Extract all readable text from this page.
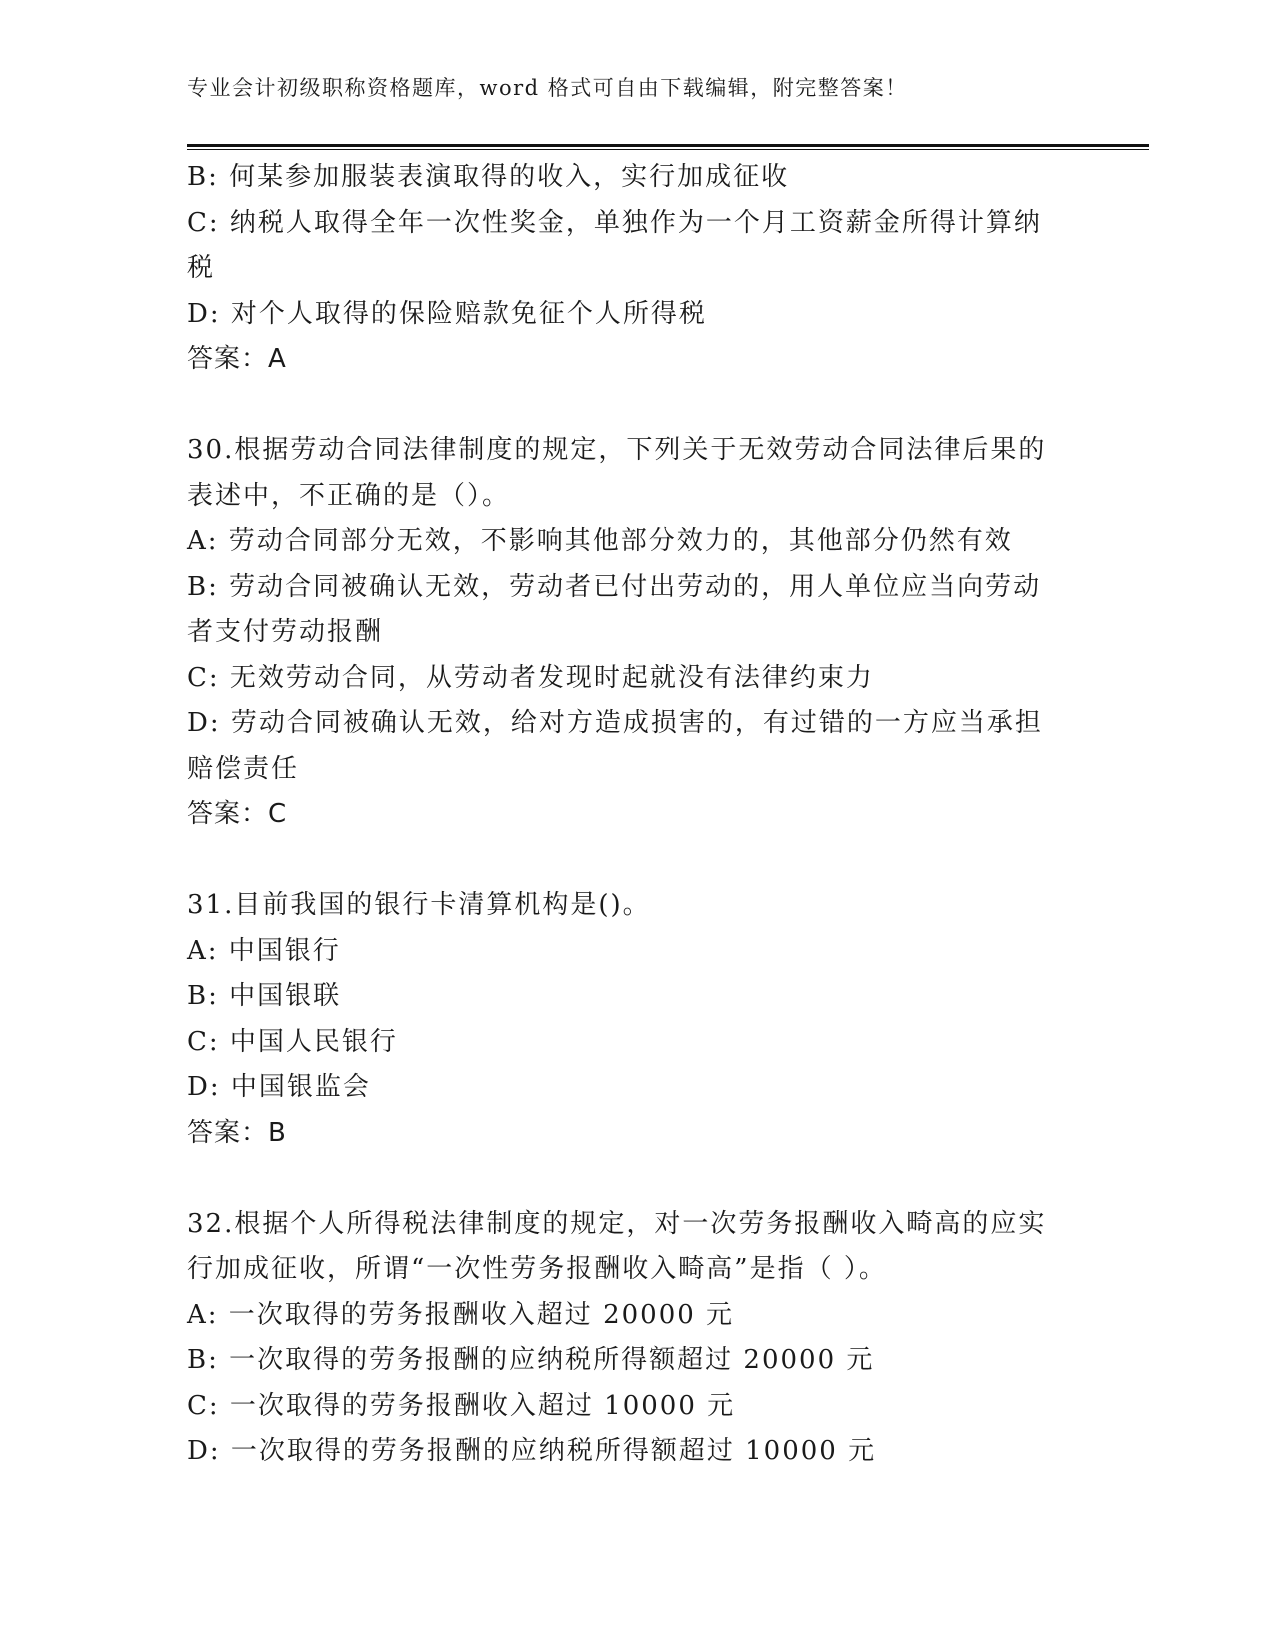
专业会计初级职称资格题库，word 格式可自由下载编辑，附完整答案！
B: 何某参加服装表演取得的收入，实行加成征收
C: 纳税人取得全年一次性奖金，单独作为一个月工资薪金所得计算纳
税
D: 对个人取得的保险赔款免征个人所得税
答案：A
30.根据劳动合同法律制度的规定，下列关于无效劳动合同法律后果的
表述中，不正确的是（）。
A: 劳动合同部分无效，不影响其他部分效力的，其他部分仍然有效
B: 劳动合同被确认无效，劳动者已付出劳动的，用人单位应当向劳动
者支付劳动报酬
C: 无效劳动合同，从劳动者发现时起就没有法律约束力
D: 劳动合同被确认无效，给对方造成损害的，有过错的一方应当承担
赔偿责任
答案：C
31.目前我国的银行卡清算机构是()。
A: 中国银行
B: 中国银联
C: 中国人民银行
D: 中国银监会
答案：B
32.根据个人所得税法律制度的规定，对一次劳务报酬收入畸高的应实
行加成征收，所谓“一次性劳务报酬收入畸高”是指（ ）。
A: 一次取得的劳务报酬收入超过 20000 元
B: 一次取得的劳务报酬的应纳税所得额超过 20000 元
C: 一次取得的劳务报酬收入超过 10000 元
D: 一次取得的劳务报酬的应纳税所得额超过 10000 元
